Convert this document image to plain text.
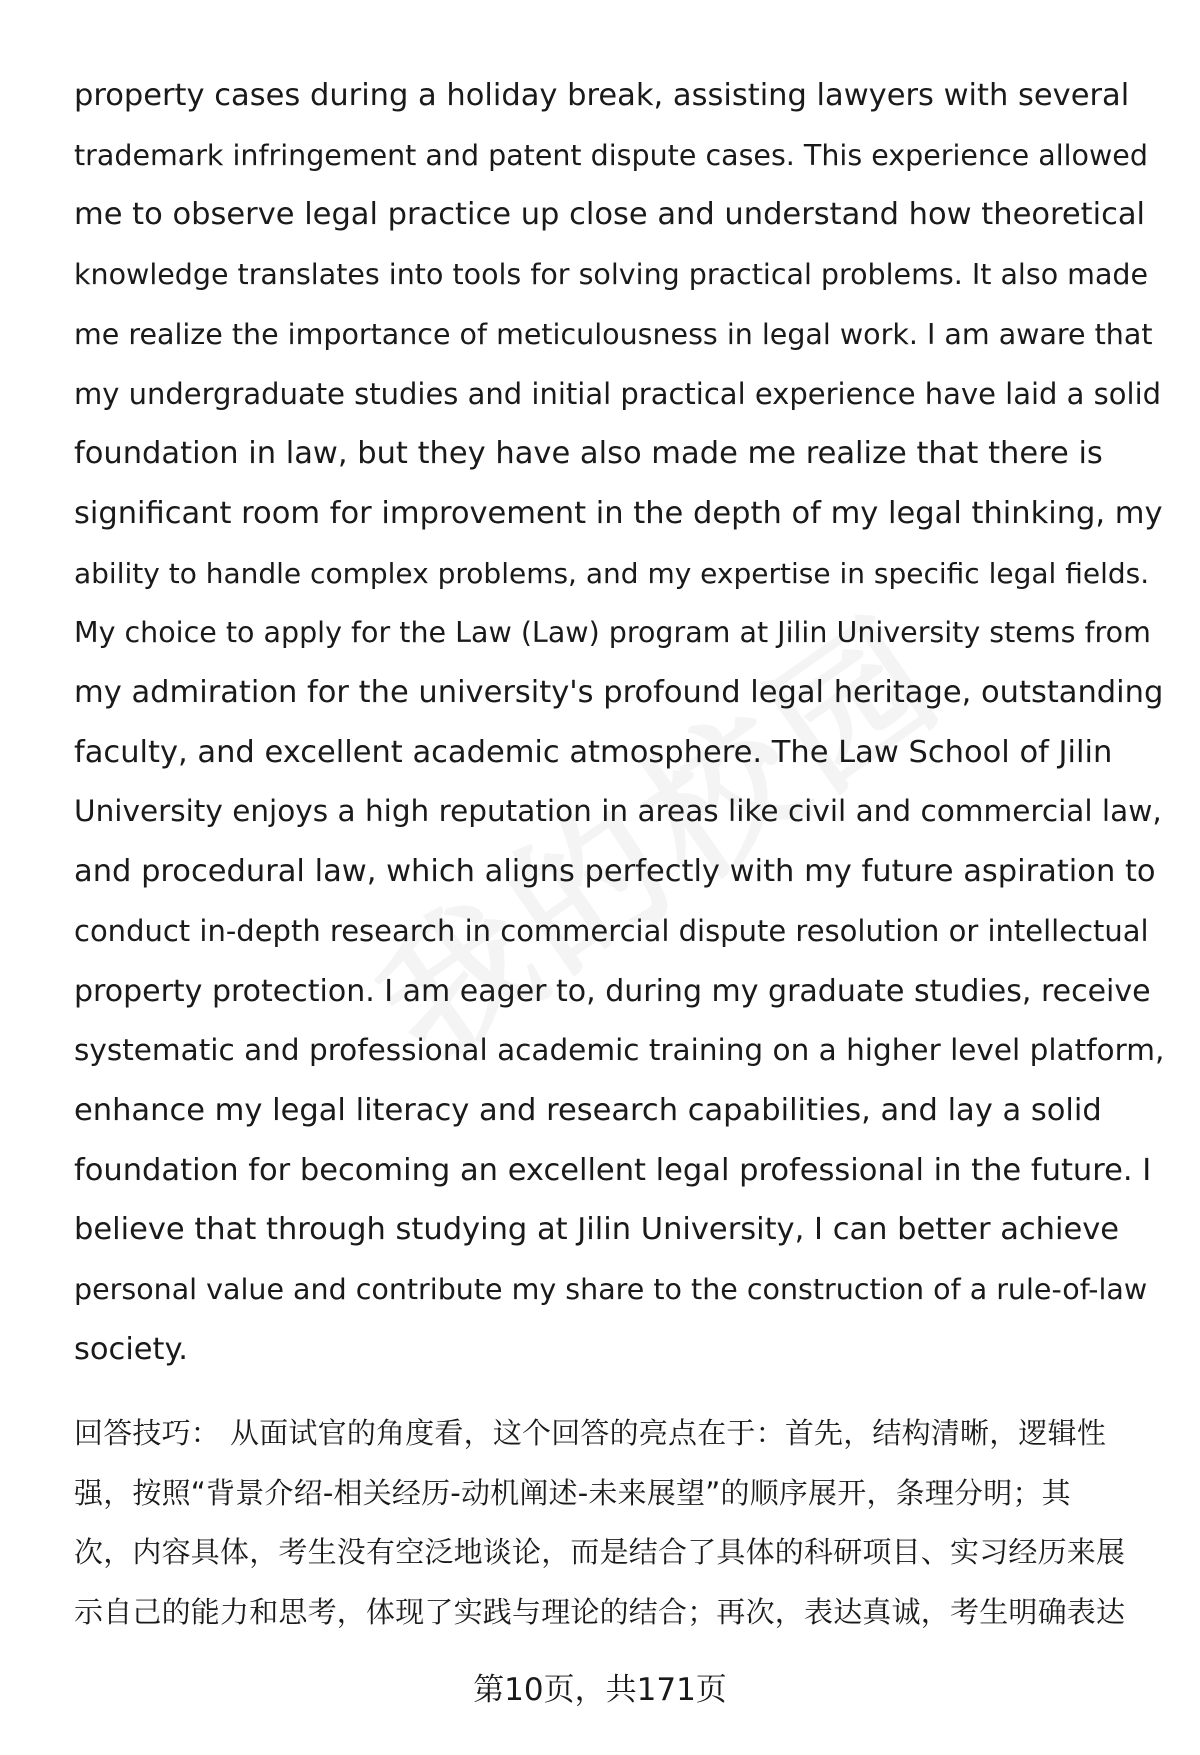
property cases during a holiday break, assisting lawyers with several
trademark infringement and patent dispute cases. This experience allowed
me to observe legal practice up close and understand how theoretical
knowledge translates into tools for solving practical problems. It also made
me realize the importance of meticulousness in legal work. I am aware that
my undergraduate studies and initial practical experience have laid a solid
foundation in law, but they have also made me realize that there is
significant room for improvement in the depth of my legal thinking, my
ability to handle complex problems, and my expertise in specific legal fields.
My choice to apply for the Law (Law) program at Jilin University stems from
my admiration for the university's profound legal heritage, outstanding
faculty, and excellent academic atmosphere. The Law School of Jilin
University enjoys a high reputation in areas like civil and commercial law,
and procedural law, which aligns perfectly with my future aspiration to
conduct in-depth research in commercial dispute resolution or intellectual
property protection. I am eager to, during my graduate studies, receive
systematic and professional academic training on a higher level platform,
enhance my legal literacy and research capabilities, and lay a solid
foundation for becoming an excellent legal professional in the future. I
believe that through studying at Jilin University, I can better achieve
personal value and contribute my share to the construction of a rule-of-law
society.
回答技巧： 从面试官的角度看，这个回答的亮点在于：首先，结构清晰，逻辑性
强，按照“背景介绍-相关经历-动机阐述-未来展望”的顺序展开，条理分明；其
次，内容具体，考生没有空泛地谈论，而是结合了具体的科研项目、实习经历来展
示自己的能力和思考，体现了实践与理论的结合；再次，表达真诚，考生明确表达
第10页，共171页
